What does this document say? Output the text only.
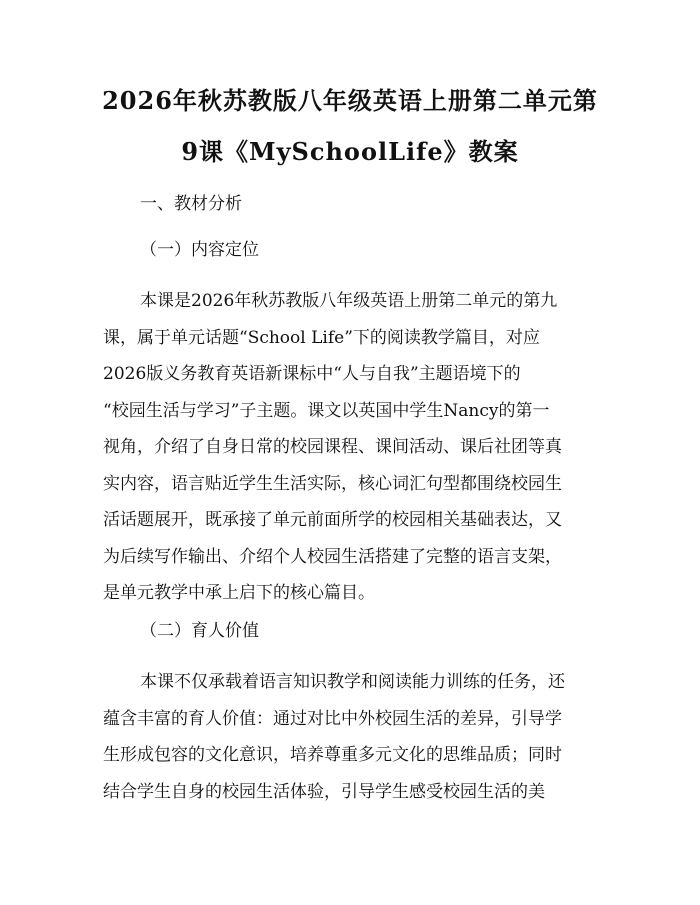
2026年秋苏教版八年级英语上册第二单元第
9课《MySchoolLife》教案
一、教材分析
（一）内容定位
本课是2026年秋苏教版八年级英语上册第二单元的第九
课，属于单元话题“School Life”下的阅读教学篇目，对应
2026版义务教育英语新课标中“人与自我”主题语境下的
“校园生活与学习”子主题。课文以英国中学生Nancy的第一
视角，介绍了自身日常的校园课程、课间活动、课后社团等真
实内容，语言贴近学生生活实际，核心词汇句型都围绕校园生
活话题展开，既承接了单元前面所学的校园相关基础表达，又
为后续写作输出、介绍个人校园生活搭建了完整的语言支架，
是单元教学中承上启下的核心篇目。
（二）育人价值
本课不仅承载着语言知识教学和阅读能力训练的任务，还
蕴含丰富的育人价值：通过对比中外校园生活的差异，引导学
生形成包容的文化意识，培养尊重多元文化的思维品质；同时
结合学生自身的校园生活体验，引导学生感受校园生活的美
